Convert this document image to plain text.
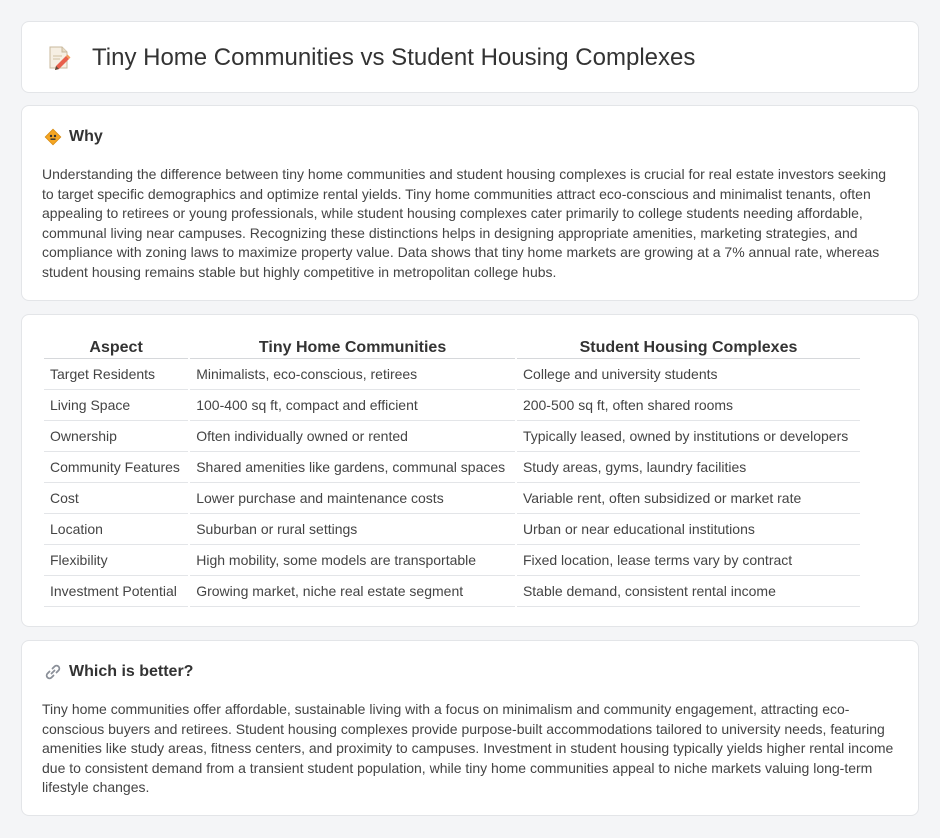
Tiny Home Communities vs Student Housing Complexes
Why

Understanding the difference between tiny home communities and student housing complexes is crucial for real estate investors seeking to target specific demographics and optimize rental yields. Tiny home communities attract eco-conscious and minimalist tenants, often appealing to retirees or young professionals, while student housing complexes cater primarily to college students needing affordable, communal living near campuses. Recognizing these distinctions helps in designing appropriate amenities, marketing strategies, and compliance with zoning laws to maximize property value. Data shows that tiny home markets are growing at a 7% annual rate, whereas student housing remains stable but highly competitive in metropolitan college hubs.

Aspect	Tiny Home Communities	Student Housing Complexes
Target Residents	Minimalists, eco-conscious, retirees	College and university students
Living Space	100-400 sq ft, compact and efficient	200-500 sq ft, often shared rooms
Ownership	Often individually owned or rented	Typically leased, owned by institutions or developers
Community Features	Shared amenities like gardens, communal spaces	Study areas, gyms, laundry facilities
Cost	Lower purchase and maintenance costs	Variable rent, often subsidized or market rate
Location	Suburban or rural settings	Urban or near educational institutions
Flexibility	High mobility, some models are transportable	Fixed location, lease terms vary by contract
Investment Potential	Growing market, niche real estate segment	Stable demand, consistent rental income
Which is better?

Tiny home communities offer affordable, sustainable living with a focus on minimalism and community engagement, attracting eco-conscious buyers and retirees. Student housing complexes provide purpose-built accommodations tailored to university needs, featuring amenities like study areas, fitness centers, and proximity to campuses. Investment in student housing typically yields higher rental income due to consistent demand from a transient student population, while tiny home communities appeal to niche markets valuing long-term lifestyle changes.
